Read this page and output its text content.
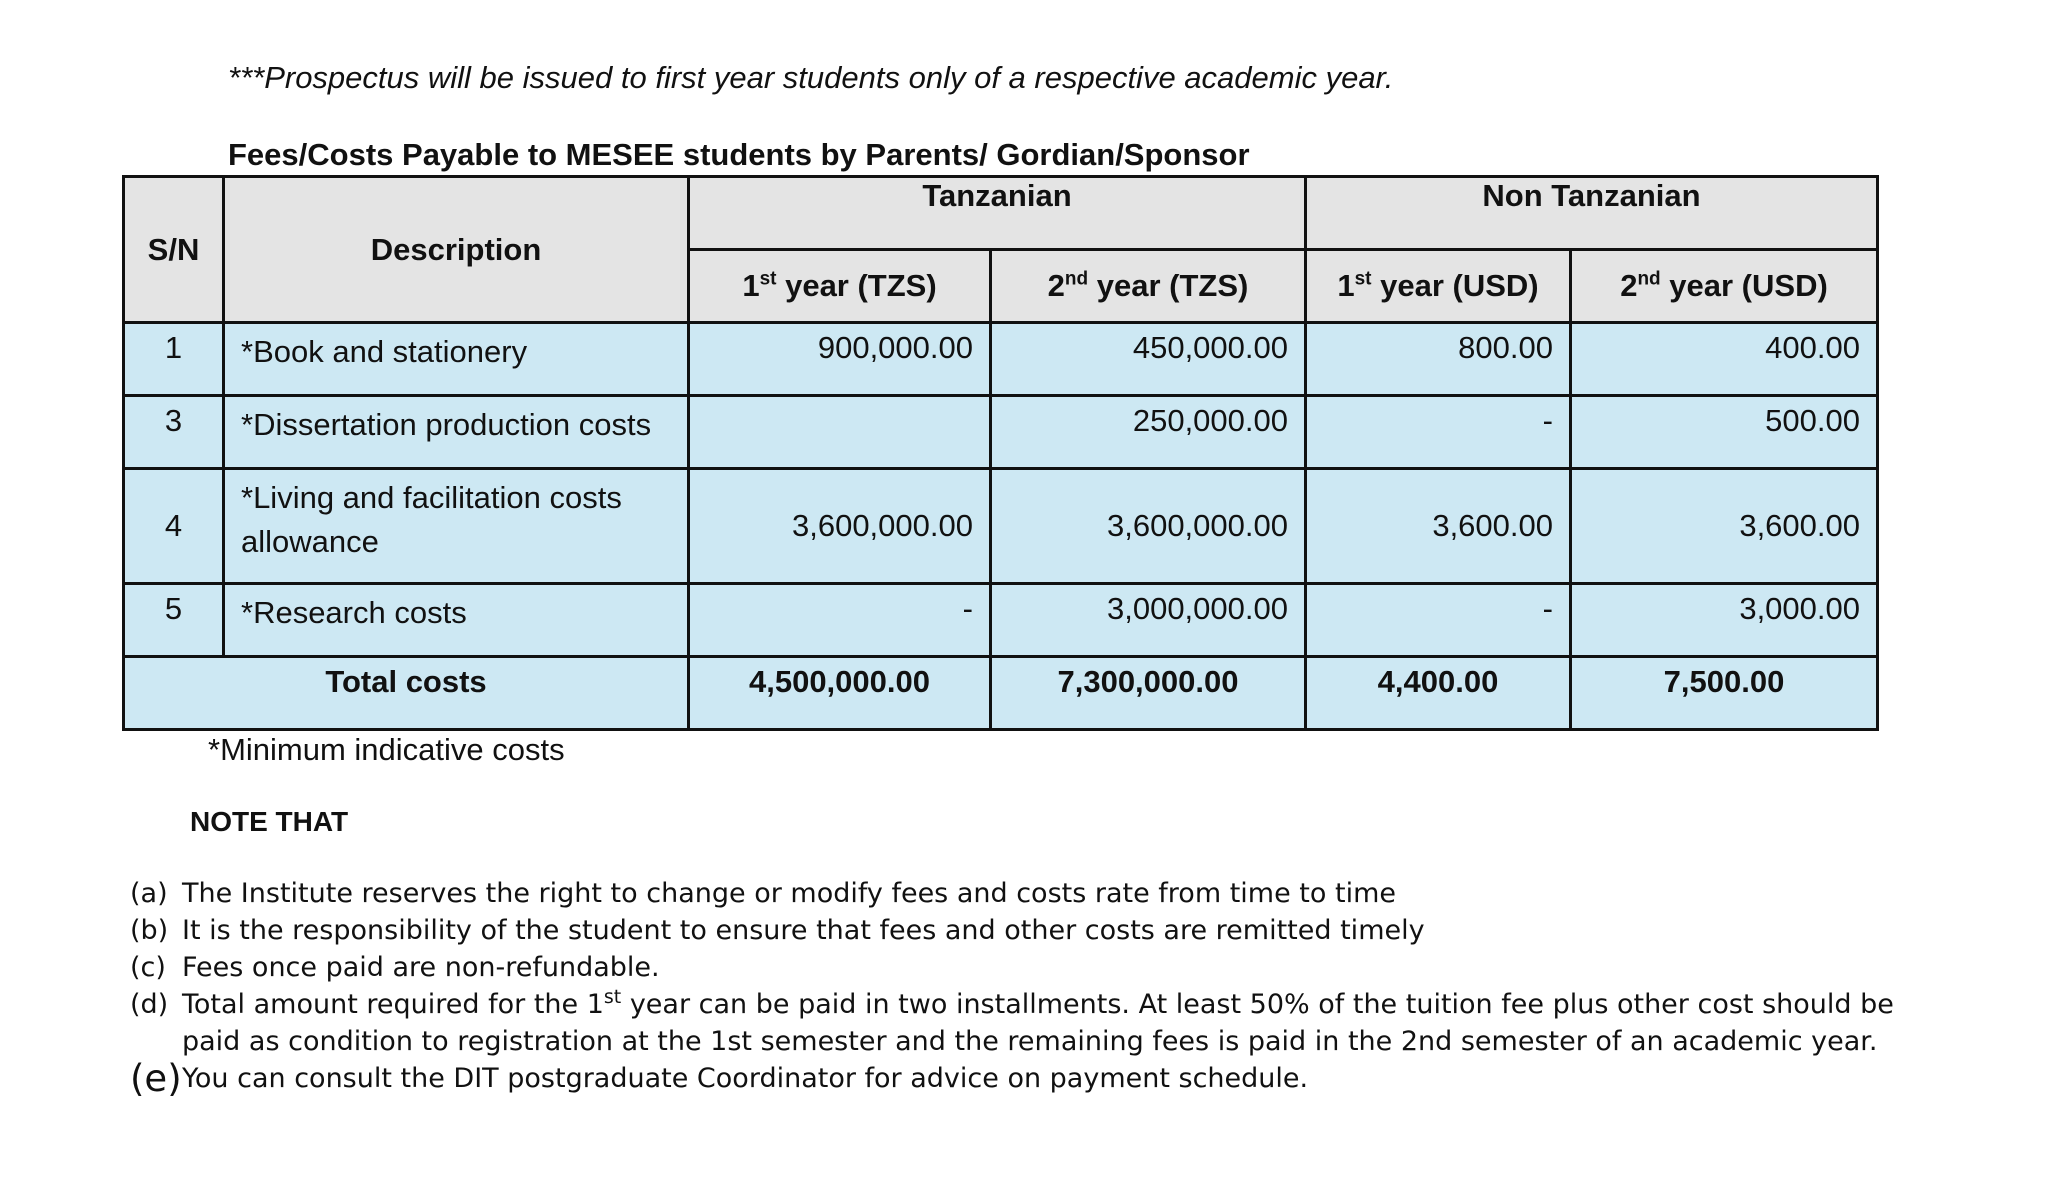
***Prospectus will be issued to first year students only of a respective academic year.
Fees/Costs Payable to MESEE students by Parents/ Gordian/Sponsor
S/N	Description	Tanzanian		Non Tanzanian	
		1st year (TZS)	2nd year (TZS)	1st year (USD)	2nd year (USD)
1	*Book and stationery	900,000.00	450,000.00	800.00	400.00
3	*Dissertation production costs		250,000.00	-	500.00
4	*Living and facilitation costs allowance	3,600,000.00	3,600,000.00	3,600.00	3,600.00
5	*Research costs	-	3,000,000.00	-	3,000.00
Total costs		4,500,000.00	7,300,000.00	4,400.00	7,500.00
*Minimum indicative costs
NOTE THAT
(a) The Institute reserves the right to change or modify fees and costs rate from time to time
(b) It is the responsibility of the student to ensure that fees and other costs are remitted timely
(c) Fees once paid are non-refundable.
(d) Total amount required for the 1st year can be paid in two installments. At least 50% of the tuition fee plus other cost should be paid as condition to registration at the 1st semester and the remaining fees is paid in the 2nd semester of an academic year.
(e) You can consult the DIT postgraduate Coordinator for advice on payment schedule.
